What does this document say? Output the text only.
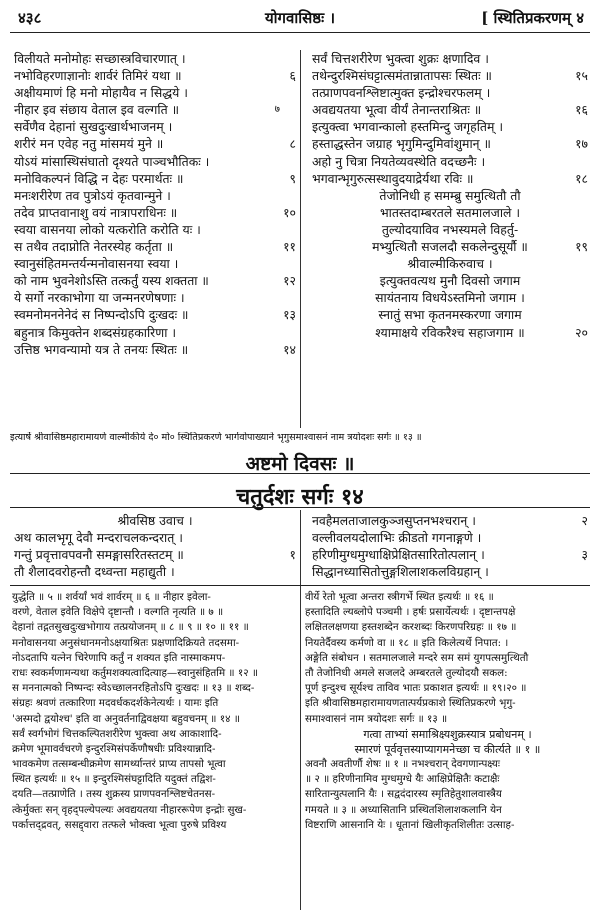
४३८	योगवासिष्ठः ।	[ स्थितिप्रकरणम् ४
विलीयते मनोमोहः सच्छास्त्रविचारणात् ।
नभोविहरणाज्ञानोः शार्वरं तिमिरं यथा ॥	६
अक्षीयमाणं हि मनो मोहायैव न सिद्धये ।
नीहार इव संछाय वेताल इव वल्गति ॥	७
सर्वेणैव देहानां सुखदुःखार्थभाजनम् ।
शरीरं मन एवेह नतु मांसमयं मुने ॥	८
योऽयं मांसास्थिसंघातो दृश्यते पाञ्चभौतिकः ।
मनोविकल्पनं विद्धि न देहः परमार्थतः ॥	९
मनःशरीरेण तव पुत्रोऽयं कृतवान्मुने ।
तदेव प्राप्तवानाशु वयं नात्रापराधिनः ॥	१०
स्वया वासनया लोको यत्करोति करोति यः ।
स तथैव तदाप्नोति नेतरस्येह कर्तृता ॥	११
स्वानुसंहितमन्तर्यन्मनोवासनया स्वया ।
को नाम भुवनेशोऽस्ति तत्कर्तुं यस्य शक्तता ॥	१२
ये सर्गो नरकाभोगा या जन्मनरणेषणाः ।
स्वमनोमननेनेदं स निष्पन्दोऽपि दुःखदः ॥	१३
बहुनात्र किमुक्तेन शब्दसंग्रहकारिणा ।
उत्तिष्ठ भगवन्यामो यत्र ते तनयः स्थितः ॥	१४
सर्वं चित्तशरीरेण भुक्त्वा शुक्रः क्षणादिव ।
तथेन्दुरश्मिसंघट्टात्समंतान्नातापसः स्थितः ॥	१५
तत्प्राणपवनश्लिष्टात्मुक्त इन्द्रोश्चरफलम् ।
अवद्ययतया भूत्वा वीर्यं तेनान्तराश्रितः ॥	१६
इत्युक्त्वा भगवान्कालो हस्तमिन्दु जगृहतिम् ।
हस्ताद्धस्तेन जग्राह भृगुमिन्दुमिवांशुमान् ॥	१७
अहो नु चित्रा नियतेव्यवस्थेति वदच्छनैः ।
भगवान्भृगुरुत्सस्थावुदयाद्रेर्यथा रविः ॥	१८
तेजोनिधी ह समम्ब्रु समुत्थितौ तौ
भातस्तदाम्बरतले सतमालजाले ।
तुल्योदयाविव नभस्यमले विहर्तु-
मभ्युत्थितौ सजलदौ सकलेन्दुसूर्यौ ॥	१९
श्रीवाल्मीकिरुवाच ।
इत्युक्तवत्यथ मुनौ दिवसो जगाम
सायंतनाय विधयेऽस्तमिनो जगाम ।
स्नातुं सभा कृतनमस्करणा जगाम
श्यामाक्षये रविकरैश्च सहाजगाम ॥	२०
इत्यार्षे श्रीवासिष्ठमहारामायणे वाल्मीकीये दे० मो० स्थितिप्रकरणे भार्गवोपाख्याने भृगुसमाश्वासनं नाम त्रयोदशः सर्गः ॥ १३ ॥
अष्टमो दिवसः ॥
चतुर्दशः सर्गः १४
श्रीवसिष्ठ उवाच ।
अथ कालभृगू देवौ मन्दराचलकन्दरात् ।
गन्तुं प्रवृत्तावपवनौ समङ्गासरितस्तटम् ॥	१
तौ शैलादवरोहन्तौ दध्वन्ता महाद्युती ।
नवहैमलताजालकुञ्जसुप्तनभश्चरान् ।	२
वल्लीवलयदोलाभिः क्रीडतो गगनाङ्गणे ।
हरिणीमुग्धमुग्धाक्षिप्रेक्षितसारितोत्पलान् ।	३
सिद्धानध्यासितोत्तुङ्गशिलाशकलविग्रहान् ।
युद्धेति ॥ ५ ॥ शर्वर्यां भवं शार्वरम् ॥ ६ ॥ नीहार इवेला-
वरणे, वेताल इवेति विक्षेपे दृष्टान्तौ । वल्गति नृत्यति ॥ ७ ॥
देहानां तद्गतसुखदुःखभोगाय तत्प्रयोजनम् ॥ ८ ॥ ९ ॥ १० ॥ ११ ॥
मनोवासनया अनुसंधानमनोऽक्षयाश्रितः प्रक्षणादिक्रियते तदसमा-
नोऽदतापि यत्नेन चिरेणापि कर्तुं न शक्यत इति नास्माकमप-
राधः स्वकर्मणामन्यथा कर्तुमशक्यत्वादित्याह—स्वानुसंहितमि ॥ १२ ॥
स मननात्मको निष्पन्दः स्वेऽच्छालनरहितोऽपि दुःखदः ॥ १३ ॥ शब्द-
संग्रहः श्रवणं तत्कारिणा मदवर्धकदर्शकेनेत्यर्थः । यामः इति
'अस्मदो द्वयोश्च' इति वा अनुवर्तनाद्विवक्षया बहुवचनम् ॥ १४ ॥
सर्वं स्वर्गभोगं चित्तकल्पितशरीरेण भुक्त्वा अथ आकाशादि-
क्रमेण भूमावर्वचरणे इन्दुरश्मिसंपर्केणौषधीः प्रविश्यान्नादि-
भावकमेण तत्सम्बन्धीक्रमेण सामर्थ्यान्तरं प्राप्य तापसो भूत्वा
स्थित इत्यर्थः ॥ १५ ॥ इन्दुरश्मिसंघट्टादिति यदुक्तं तद्विश-
दयति—तत्प्राणेति । तस्य शुक्रस्य प्राणपवनश्लिष्टचेतनस-
त्केर्मुक्तः सन् वृहद्पल्येपल्यः अवद्ययतया नीहाररूपेण इन्द्रोः सुख-
पर्कात्तद्द्रवत्, ससद्द्वारा तत्फले भोक्त्वा भूत्वा पुरुषे प्रविश्य
वीर्ये रेतो भूत्वा अन्तरा स्त्रीगर्भे स्थित इत्यर्थः ॥ १६ ॥
हस्तादिति ल्यब्लोपे पञ्चमी । हर्षः प्रसार्येत्यर्थः । दृष्टान्तपक्षे
लक्षितलक्षणया हस्तशब्देन करशब्दः किरणपरिग्रहः ॥ १७ ॥
नियतेर्दैवस्य कर्मणो वा ॥ १८ ॥ इति किलेत्यर्थे निपात: ।
अङ्गेति संबोधन । सतमालजाले मन्दरे सम समं युगपत्समुत्थितौ
तौ तेजोनिधी अमले सजलदे अम्बरतले तुल्योदयौ सकल:
पूर्ण इन्दुश्च सूर्यश्च ताविव भातः प्रकाशत इत्यर्थः ॥ १९।२० ॥
इति श्रीवासिष्ठमहारामायणतात्पर्यप्रकाशे स्थितिप्रकरणे भृगु-
समाश्वासनं नाम त्रयोदशः सर्गः ॥ १३ ॥
गत्वा ताभ्यां समाश्रिक्ष्यशुक्रस्यात्र प्रबोधनम् ।
स्मारणं पूर्ववृत्तस्याप्यागमनेच्छा च कीर्त्यते ॥ १ ॥
अवनौ अवतीर्णौ शेषः ॥ १ ॥ नभश्चरान् देवगणान्पक्ष्यः
॥ २ ॥ हरिणीनामिव मुग्धमुग्धे यैः आक्षिप्रेक्षितैः कटाक्षैः
सारितान्युत्पलानि यैः । सद्वदंदारस्य स्मृतिहेतुशालवास्त्रैय
गमयते ॥ ३ ॥ अध्यासितानि प्रस्थितशिलाशकलानि येन
विष्टराणि आसनानि येः । धूतानां खिलीकृतशिलीतः उत्साह-
